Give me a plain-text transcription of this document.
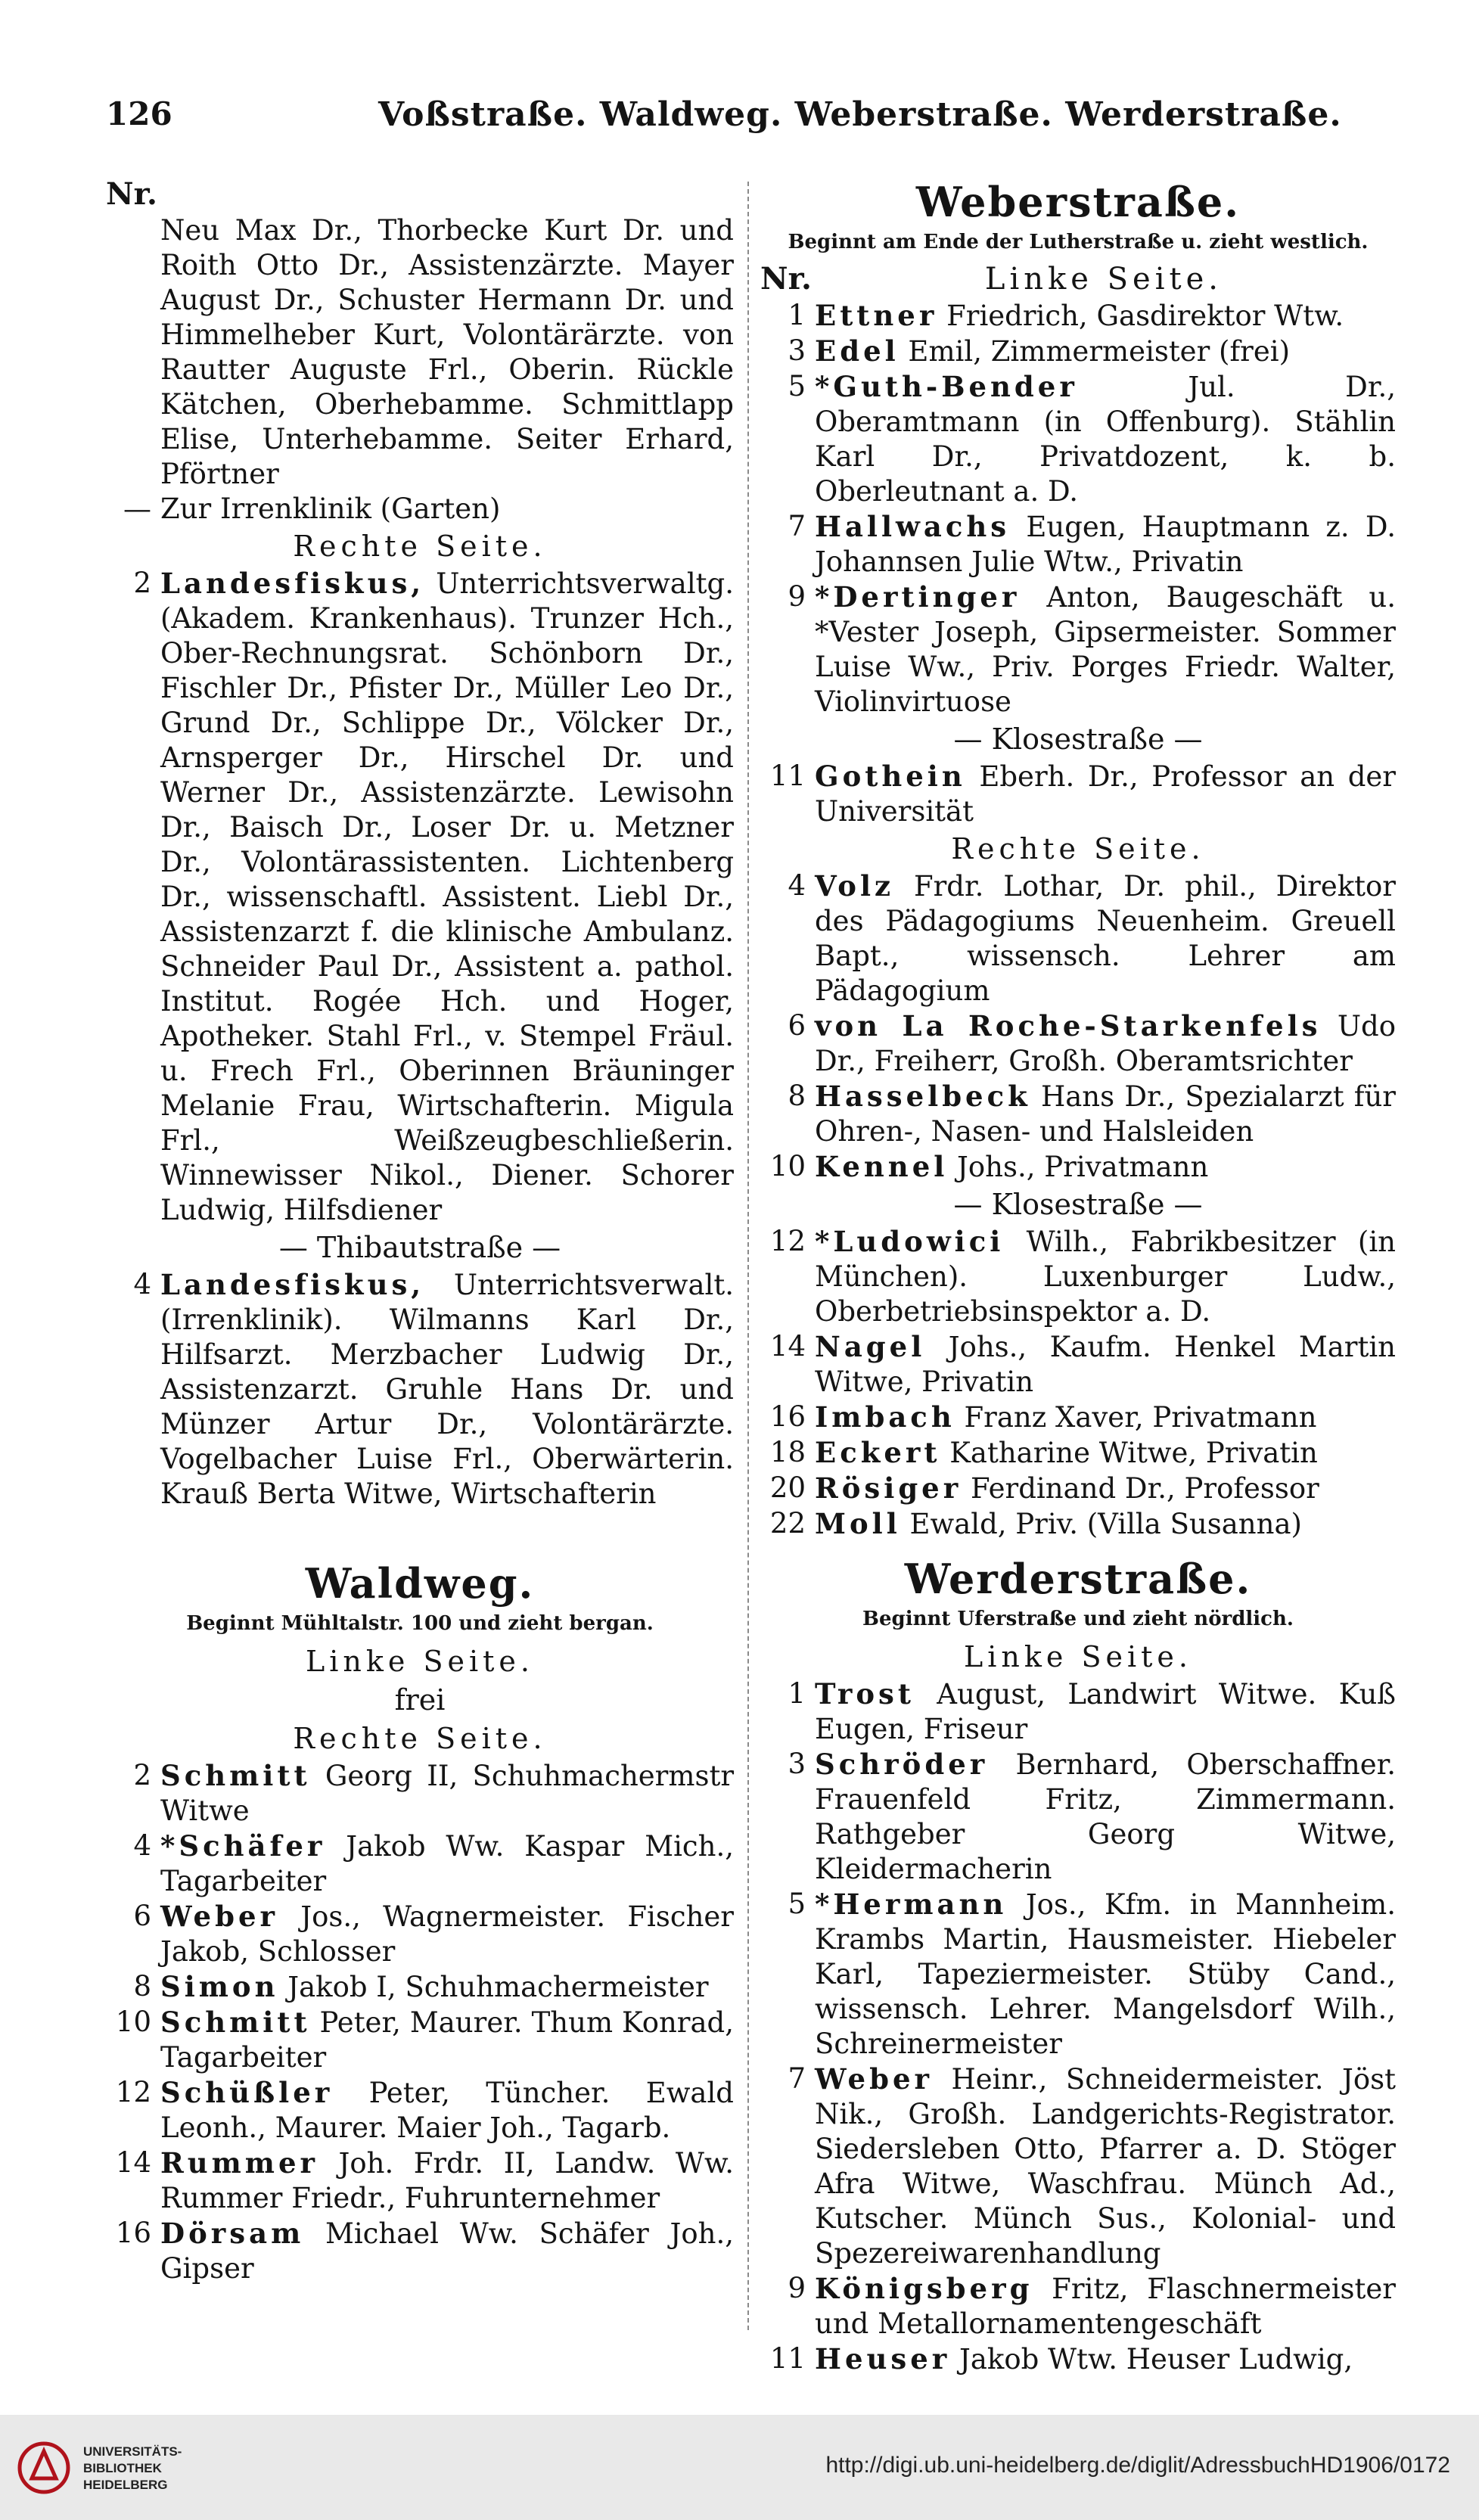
126	Voßstraße. Waldweg. Weberstraße. Werderstraße.
Nr.
Neu Max Dr., Thorbecke Kurt Dr. und Roith Otto Dr., Assistenzärzte. Mayer August Dr., Schuster Hermann Dr. und Himmelheber Kurt, Volontärärzte. von Rautter Auguste Frl., Oberin. Rückle Kätchen, Oberhebamme. Schmittlapp Elise, Unterhebamme. Seiter Erhard, Pförtner
— Zur Irrenklinik (Garten)
Rechte Seite.
2 Landesfiskus, Unterrichtsverwaltg. (Akadem. Krankenhaus). Trunzer Hch., Ober-Rechnungsrat. Schönborn Dr., Fischler Dr., Pfister Dr., Müller Leo Dr., Grund Dr., Schlippe Dr., Völcker Dr., Arnsperger Dr., Hirschel Dr. und Werner Dr., Assistenzärzte. Lewisohn Dr., Baisch Dr., Loser Dr. u. Metzner Dr., Volontärassistenten. Lichtenberg Dr., wissenschaftl. Assistent. Liebl Dr., Assistenzarzt f. die klinische Ambulanz. Schneider Paul Dr., Assistent a. pathol. Institut. Rogée Hch. und Hoger, Apotheker. Stahl Frl., v. Stempel Fräul. u. Frech Frl., Oberinnen Bräuninger Melanie Frau, Wirtschafterin. Migula Frl., Weißzeugbeschließerin. Winnewisser Nikol., Diener. Schorer Ludwig, Hilfsdiener
— Thibautstraße —
4 Landesfiskus, Unterrichtsverwalt. (Irrenklinik). Wilmanns Karl Dr., Hilfsarzt. Merzbacher Ludwig Dr., Assistenzarzt. Gruhle Hans Dr. und Münzer Artur Dr., Volontärärzte. Vogelbacher Luise Frl., Oberwärterin. Krauß Berta Witwe, Wirtschafterin
Waldweg.
Beginnt Mühltalstr. 100 und zieht bergan.
Linke Seite.
frei
Rechte Seite.
2 Schmitt Georg II, Schuhmachermstr Witwe
4 *Schäfer Jakob Ww. Kaspar Mich., Tagarbeiter
6 Weber Jos., Wagnermeister. Fischer Jakob, Schlosser
8 Simon Jakob I, Schuhmachermeister
10 Schmitt Peter, Maurer. Thum Konrad, Tagarbeiter
12 Schüßler Peter, Tüncher. Ewald Leonh., Maurer. Maier Joh., Tagarb.
14 Rummer Joh. Frdr. II, Landw. Ww. Rummer Friedr., Fuhrunternehmer
16 Dörsam Michael Ww. Schäfer Joh., Gipser
Weberstraße.
Beginnt am Ende der Lutherstraße u. zieht westlich.
Nr.	Linke Seite.
1 Ettner Friedrich, Gasdirektor Wtw.
3 Edel Emil, Zimmermeister (frei)
5 *Guth-Bender Jul. Dr., Oberamtmann (in Offenburg). Stählin Karl Dr., Privatdozent, k. b. Oberleutnant a. D.
7 Hallwachs Eugen, Hauptmann z. D. Johannsen Julie Wtw., Privatin
9 *Dertinger Anton, Baugeschäft u. *Vester Joseph, Gipsermeister. Sommer Luise Ww., Priv. Porges Friedr. Walter, Violinvirtuose
— Klosestraße —
11 Gothein Eberh. Dr., Professor an der Universität
Rechte Seite.
4 Volz Frdr. Lothar, Dr. phil., Direktor des Pädagogiums Neuenheim. Greuell Bapt., wissensch. Lehrer am Pädagogium
6 von La Roche-Starkenfels Udo Dr., Freiherr, Großh. Oberamtsrichter
8 Hasselbeck Hans Dr., Spezialarzt für Ohren-, Nasen- und Halsleiden
10 Kennel Johs., Privatmann
— Klosestraße —
12 *Ludowici Wilh., Fabrikbesitzer (in München). Luxenburger Ludw., Oberbetriebsinspektor a. D.
14 Nagel Johs., Kaufm. Henkel Martin Witwe, Privatin
16 Imbach Franz Xaver, Privatmann
18 Eckert Katharine Witwe, Privatin
20 Rösiger Ferdinand Dr., Professor
22 Moll Ewald, Priv. (Villa Susanna)
Werderstraße.
Beginnt Uferstraße und zieht nördlich.
Linke Seite.
1 Trost August, Landwirt Witwe. Kuß Eugen, Friseur
3 Schröder Bernhard, Oberschaffner. Frauenfeld Fritz, Zimmermann. Rathgeber Georg Witwe, Kleidermacherin
5 *Hermann Jos., Kfm. in Mannheim. Krambs Martin, Hausmeister. Hiebeler Karl, Tapeziermeister. Stüby Cand., wissensch. Lehrer. Mangelsdorf Wilh., Schreinermeister
7 Weber Heinr., Schneidermeister. Jöst Nik., Großh. Landgerichts-Registrator. Siedersleben Otto, Pfarrer a. D. Stöger Afra Witwe, Waschfrau. Münch Ad., Kutscher. Münch Sus., Kolonial- und Spezereiwarenhandlung
9 Königsberg Fritz, Flaschnermeister und Metallornamentengeschäft
11 Heuser Jakob Wtw. Heuser Ludwig,
UNIVERSITÄTS-
BIBLIOTHEK
HEIDELBERG
http://digi.ub.uni-heidelberg.de/diglit/AdressbuchHD1906/0172
